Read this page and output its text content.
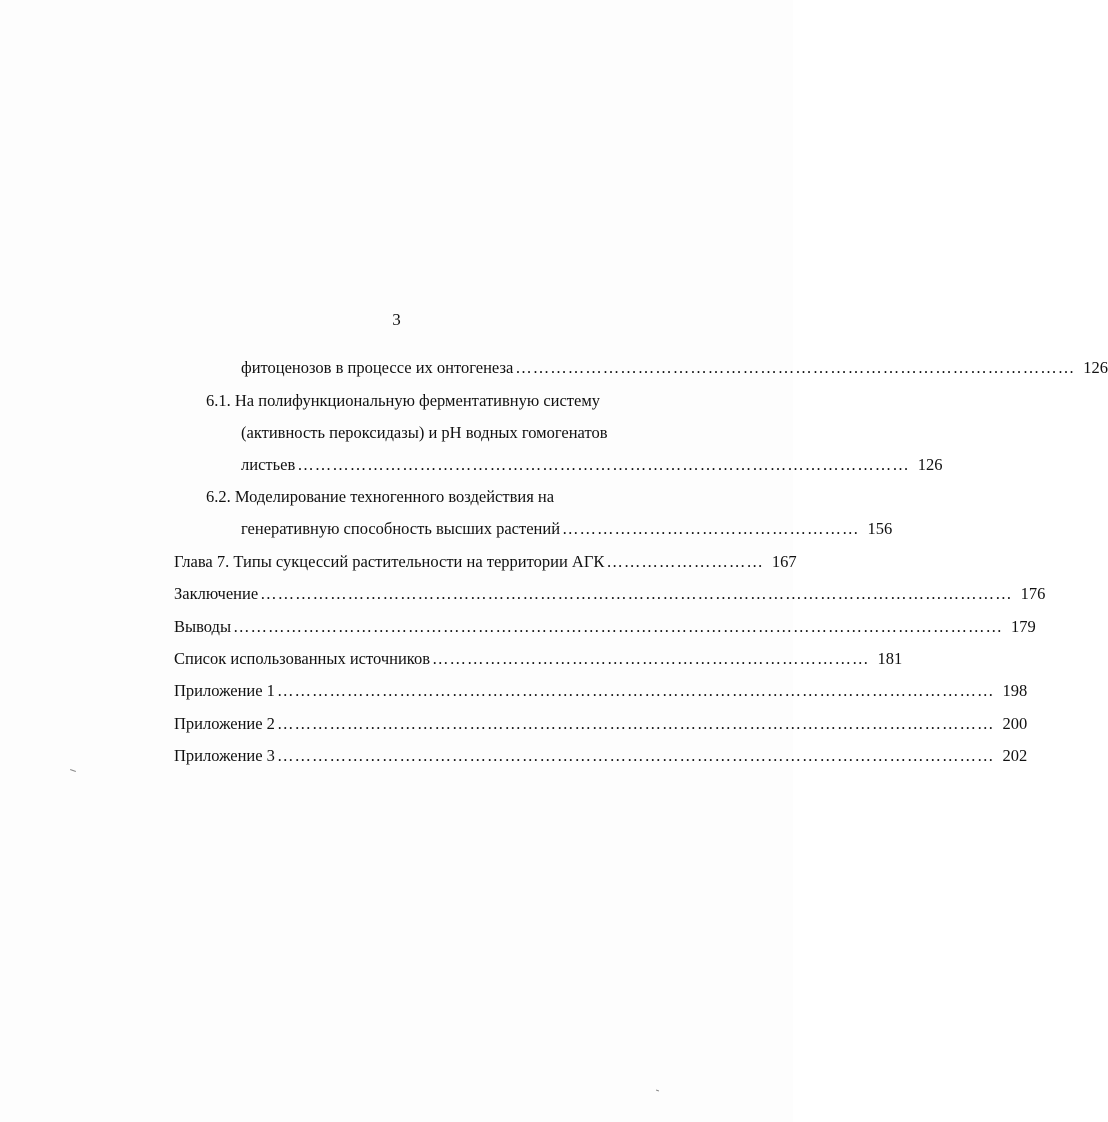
3
фитоценозов в процессе их онтогенеза …………………………………………………………………………………… 126
6.1. На полифункциональную ферментативную систему
(активность пероксидазы) и pH водных гомогенатов
листьев …………………………………………………………………………………………… 126
6.2. Моделирование техногенного воздействия на
генеративную способность высших растений …………………………………………… 156
Глава 7. Типы сукцессий растительности на территории АГК ……………………… 167
Заключение ………………………………………………………………………………………………………………… 176
Выводы …………………………………………………………………………………………………………………… 179
Список использованных источников ………………………………………………………………… 181
Приложение 1 …………………………………………………………………………………………………………… 198
Приложение 2 …………………………………………………………………………………………………………… 200
Приложение 3 …………………………………………………………………………………………………………… 202
